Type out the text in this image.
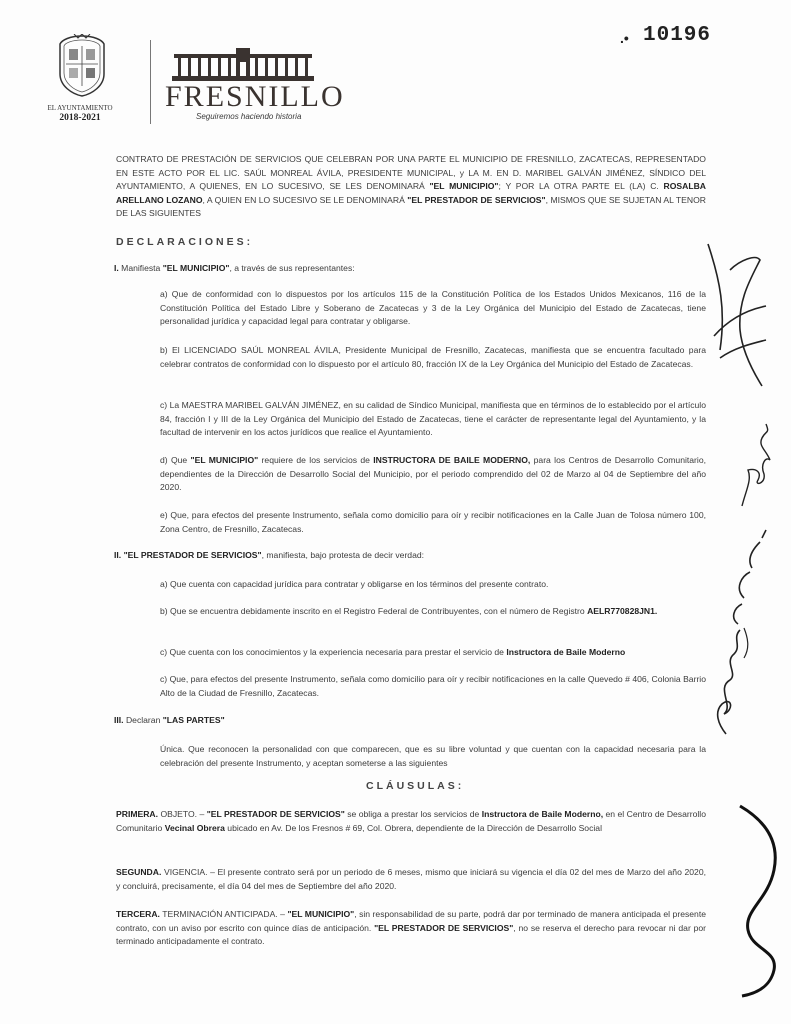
EL AYUNTAMIENTO
2018-2021
FRESNILLO
Seguiremos haciendo historia
.• 10196

CONTRATO DE PRESTACIÓN DE SERVICIOS QUE CELEBRAN POR UNA PARTE EL MUNICIPIO DE FRESNILLO, ZACATECAS, REPRESENTADO EN ESTE ACTO POR EL LIC. SAÚL MONREAL ÁVILA, PRESIDENTE MUNICIPAL, y LA M. EN D. MARIBEL GALVÁN JIMÉNEZ, SÍNDICO DEL AYUNTAMIENTO, A QUIENES, EN LO SUCESIVO, SE LES DENOMINARÁ "EL MUNICIPIO"; Y POR LA OTRA PARTE EL (LA) C. ROSALBA ARELLANO LOZANO, A QUIEN EN LO SUCESIVO SE LE DENOMINARÁ "EL PRESTADOR DE SERVICIOS", MISMOS QUE SE SUJETAN AL TENOR DE LAS SIGUIENTES

DECLARACIONES:

I. Manifiesta "EL MUNICIPIO", a través de sus representantes:

a) Que de conformidad con lo dispuestos por los artículos 115 de la Constitución Política de los Estados Unidos Mexicanos, 116 de la Constitución Política del Estado Libre y Soberano de Zacatecas y 3 de la Ley Orgánica del Municipio del Estado de Zacatecas, tiene personalidad jurídica y capacidad legal para contratar y obligarse.

b) El LICENCIADO SAÚL MONREAL ÁVILA, Presidente Municipal de Fresnillo, Zacatecas, manifiesta que se encuentra facultado para celebrar contratos de conformidad con lo dispuesto por el artículo 80, fracción IX de la Ley Orgánica del Municipio del Estado de Zacatecas.

c) La MAESTRA MARIBEL GALVÁN JIMÉNEZ, en su calidad de Síndico Municipal, manifiesta que en términos de lo establecido por el artículo 84, fracción I y III de la Ley Orgánica del Municipio del Estado de Zacatecas, tiene el carácter de representante legal del Ayuntamiento, y la facultad de intervenir en los actos jurídicos que realice el Ayuntamiento.

d) Que "EL MUNICIPIO" requiere de los servicios de INSTRUCTORA DE BAILE MODERNO, para los Centros de Desarrollo Comunitario, dependientes de la Dirección de Desarrollo Social del Municipio, por el periodo comprendido del 02 de Marzo al 04 de Septiembre del año 2020.

e) Que, para efectos del presente Instrumento, señala como domicilio para oír y recibir notificaciones en la Calle Juan de Tolosa número 100, Zona Centro, de Fresnillo, Zacatecas.

II. "EL PRESTADOR DE SERVICIOS", manifiesta, bajo protesta de decir verdad:

a) Que cuenta con capacidad jurídica para contratar y obligarse en los términos del presente contrato.

b) Que se encuentra debidamente inscrito en el Registro Federal de Contribuyentes, con el número de Registro AELR770828JN1.

c) Que cuenta con los conocimientos y la experiencia necesaria para prestar el servicio de Instructora de Baile Moderno

c) Que, para efectos del presente Instrumento, señala como domicilio para oír y recibir notificaciones en la calle Quevedo # 406, Colonia Barrio Alto de la Ciudad de Fresnillo, Zacatecas.

III. Declaran "LAS PARTES"

Única. Que reconocen la personalidad con que comparecen, que es su libre voluntad y que cuentan con la capacidad necesaria para la celebración del presente Instrumento, y aceptan someterse a las siguientes

CLÁUSULAS:

PRIMERA. OBJETO. – "EL PRESTADOR DE SERVICIOS" se obliga a prestar los servicios de Instructora de Baile Moderno, en el Centro de Desarrollo Comunitario Vecinal Obrera ubicado en Av. De los Fresnos # 69, Col. Obrera, dependiente de la Dirección de Desarrollo Social

SEGUNDA. VIGENCIA. – El presente contrato será por un periodo de 6 meses, mismo que iniciará su vigencia el día 02 del mes de Marzo del año 2020, y concluirá, precisamente, el día 04 del mes de Septiembre del año 2020.

TERCERA. TERMINACIÓN ANTICIPADA. – "EL MUNICIPIO", sin responsabilidad de su parte, podrá dar por terminado de manera anticipada el presente contrato, con un aviso por escrito con quince días de anticipación. "EL PRESTADOR DE SERVICIOS", no se reserva el derecho para revocar ni dar por terminado anticipadamente el contrato.
